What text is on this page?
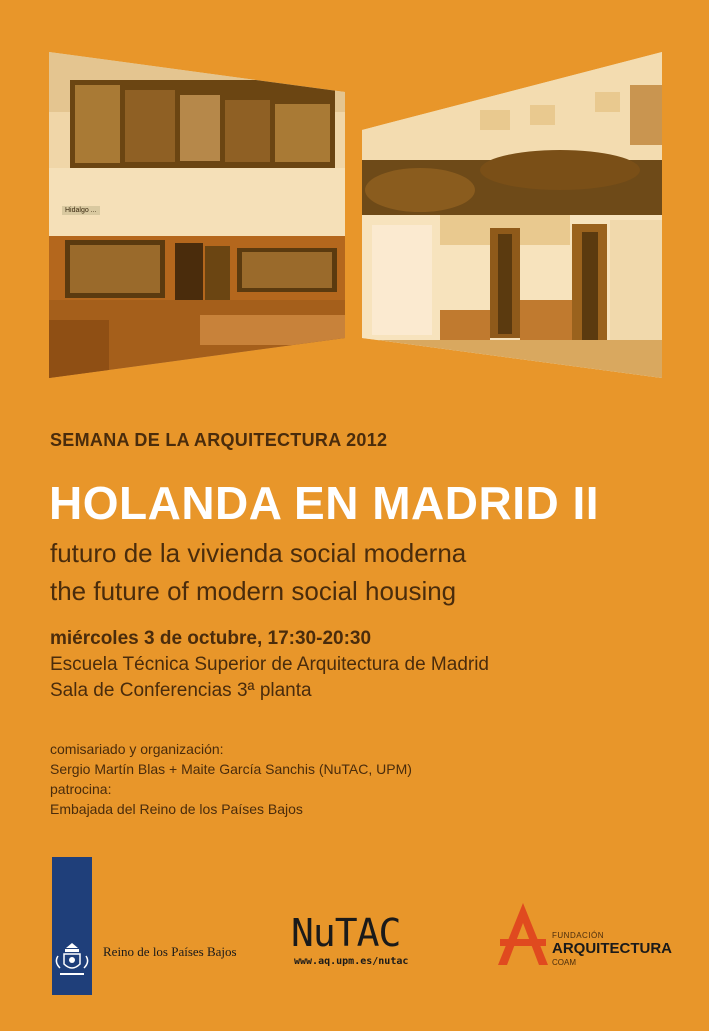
Hidalgo ...
SEMANA DE LA ARQUITECTURA 2012
HOLANDA EN MADRID II
futuro de la vivienda social moderna
the future of modern social housing
miércoles 3 de octubre, 17:30-20:30
Escuela Técnica Superior de Arquitectura de Madrid
Sala de Conferencias 3ª planta
comisariado y organización:
Sergio Martín Blas + Maite García Sanchis (NuTAC, UPM)
patrocina:
Embajada del Reino de los Países Bajos
Reino de los Países Bajos NuTAC
www.aq.upm.es/nutac
FUNDACIÓN
ARQUITECTURA
COAM
